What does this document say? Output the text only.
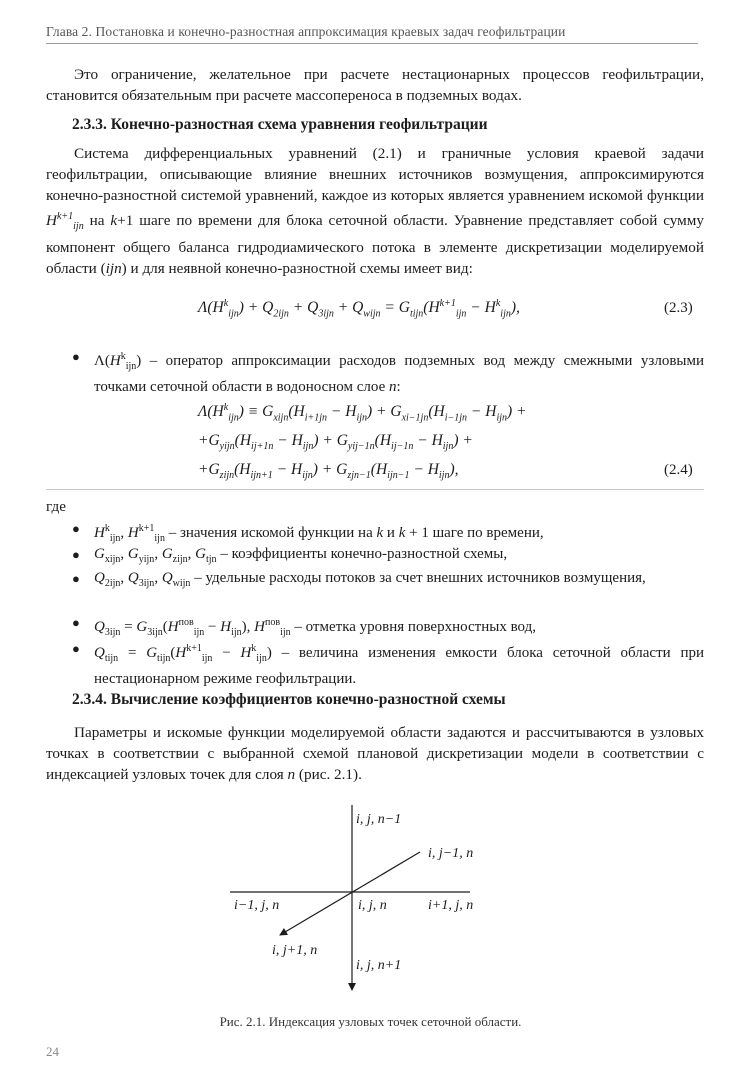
Глава 2. Постановка и конечно-разностная аппроксимация краевых задач геофильтрации
Это ограничение, желательное при расчете нестационарных процессов геофильтрации, становится обязательным при расчете массопереноса в подземных водах.
2.3.3. Конечно-разностная схема уравнения геофильтрации
Система дифференциальных уравнений (2.1) и граничные условия краевой задачи геофильтрации, описывающие влияние внешних источников возмущения, аппроксимируются конечно-разностной системой уравнений, каждое из которых является уравнением искомой функции $H^{k+1}_{ijn}$ на k+1 шаге по времени для блока сеточной области. Уравнение представляет собой сумму компонент общего баланса гидродиамического потока в элементе дискретизации моделируемой области (ijn) и для неявной конечно-разностной схемы имеет вид:
$\Lambda(H^k_{ijn}) + Q_{2ijn} + Q_{3ijn} + Q_{wijn} = G_{tijn}(H^{k+1}_{ijn} - H^k_{ijn})$,	(2.3)
● $\Lambda(H^k_{ijn})$ – оператор аппроксимации расходов подземных вод между смежными узловыми точками сеточной области в водоносном слое n:
$\Lambda(H^k_{ijn}) \equiv G_{xijn}(H_{i+1jn} - H_{ijn}) + G_{xi-1jn}(H_{i-1jn} - H_{ijn})$ +
$+G_{yijn}(H_{ij+1n} - H_{ijn}) + G_{yij-1n}(H_{ij-1n} - H_{ijn})$ +
$+G_{zijn}(H_{ijn+1} - H_{ijn}) + G_{zjn-1}(H_{ijn-1} - H_{ijn})$,	(2.4)
где
● $H^k_{ijn}$, $H^{k+1}_{ijn}$ – значения искомой функции на k и k + 1 шаге по времени,
● $G_{xijn}$, $G_{yijn}$, $G_{zijn}$, $G_{tjn}$ – коэффициенты конечно-разностной схемы,
● $Q_{2ijn}$, $Q_{3ijn}$, $Q_{wijn}$ – удельные расходы потоков за счет внешних источников возмущения,
● $Q_{3ijn} = G_{3ijn}(H^{пов}_{ijn} - H_{ijn})$, $H^{пов}_{ijn}$ – отметка уровня поверхностных вод,
● $Q_{tijn} = G_{tijn}(H^{k+1}_{ijn} - H^k_{ijn})$ – величина изменения емкости блока сеточной области при нестационарном режиме геофильтрации.
2.3.4. Вычисление коэффициентов конечно-разностной схемы
Параметры и искомые функции моделируемой области задаются и рассчитываются в узловых точках в соответствии с выбранной схемой плановой дискретизации модели в соответствии с индексацией узловых точек для слоя n (рис. 2.1).
i, j, n−1
i, j−1, n
i−1, j, n	i, j, n	i+1, j, n
i, j+1, n
i, j, n+1
Рис. 2.1. Индексация узловых точек сеточной области.
24
